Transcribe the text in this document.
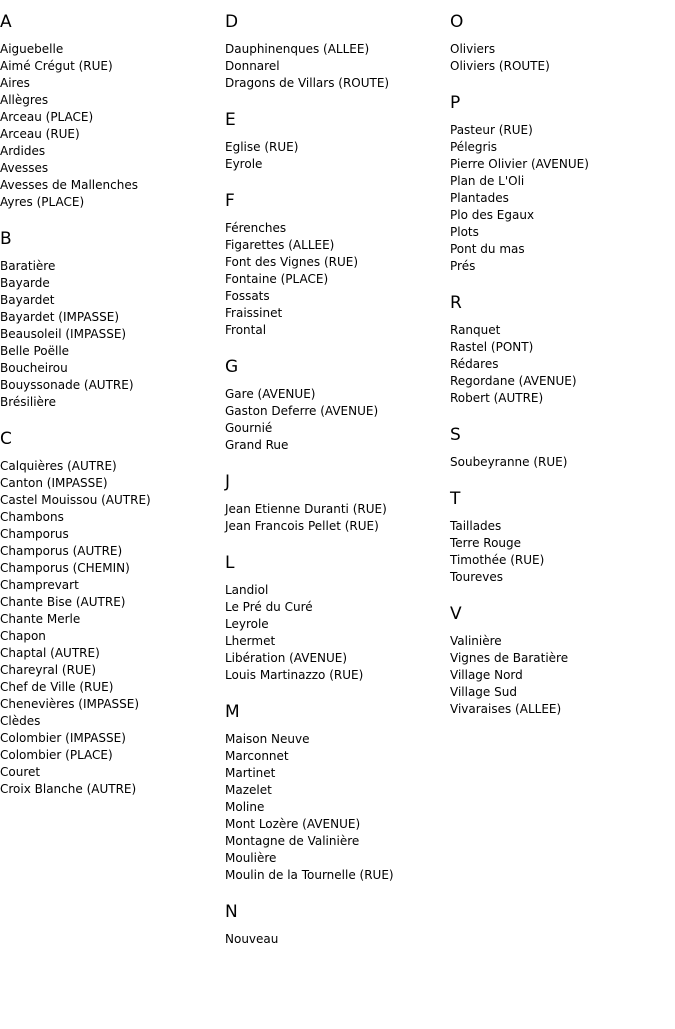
A
Aiguebelle
Aimé Crégut (RUE)
Aires
Allègres
Arceau (PLACE)
Arceau (RUE)
Ardides
Avesses
Avesses de Mallenches
Ayres (PLACE)
B
Baratière
Bayarde
Bayardet
Bayardet (IMPASSE)
Beausoleil (IMPASSE)
Belle Poëlle
Boucheirou
Bouyssonade (AUTRE)
Brésilière
C
Calquières (AUTRE)
Canton (IMPASSE)
Castel Mouissou (AUTRE)
Chambons
Champorus
Champorus (AUTRE)
Champorus (CHEMIN)
Champrevart
Chante Bise (AUTRE)
Chante Merle
Chapon
Chaptal (AUTRE)
Chareyral (RUE)
Chef de Ville (RUE)
Chenevières (IMPASSE)
Clèdes
Colombier (IMPASSE)
Colombier (PLACE)
Couret
Croix Blanche (AUTRE)
D
Dauphinenques (ALLEE)
Donnarel
Dragons de Villars (ROUTE)
E
Eglise (RUE)
Eyrole
F
Férenches
Figarettes (ALLEE)
Font des Vignes (RUE)
Fontaine (PLACE)
Fossats
Fraissinet
Frontal
G
Gare (AVENUE)
Gaston Deferre (AVENUE)
Gournié
Grand Rue
J
Jean Etienne Duranti (RUE)
Jean Francois Pellet (RUE)
L
Landiol
Le Pré du Curé
Leyrole
Lhermet
Libération (AVENUE)
Louis Martinazzo (RUE)
M
Maison Neuve
Marconnet
Martinet
Mazelet
Moline
Mont Lozère (AVENUE)
Montagne de Valinière
Moulière
Moulin de la Tournelle (RUE)
N
Nouveau
O
Oliviers
Oliviers (ROUTE)
P
Pasteur (RUE)
Pélegris
Pierre Olivier (AVENUE)
Plan de L'Oli
Plantades
Plo des Egaux
Plots
Pont du mas
Prés
R
Ranquet
Rastel (PONT)
Rédares
Regordane (AVENUE)
Robert (AUTRE)
S
Soubeyranne (RUE)
T
Taillades
Terre Rouge
Timothée (RUE)
Toureves
V
Valinière
Vignes de Baratière
Village Nord
Village Sud
Vivaraises (ALLEE)
